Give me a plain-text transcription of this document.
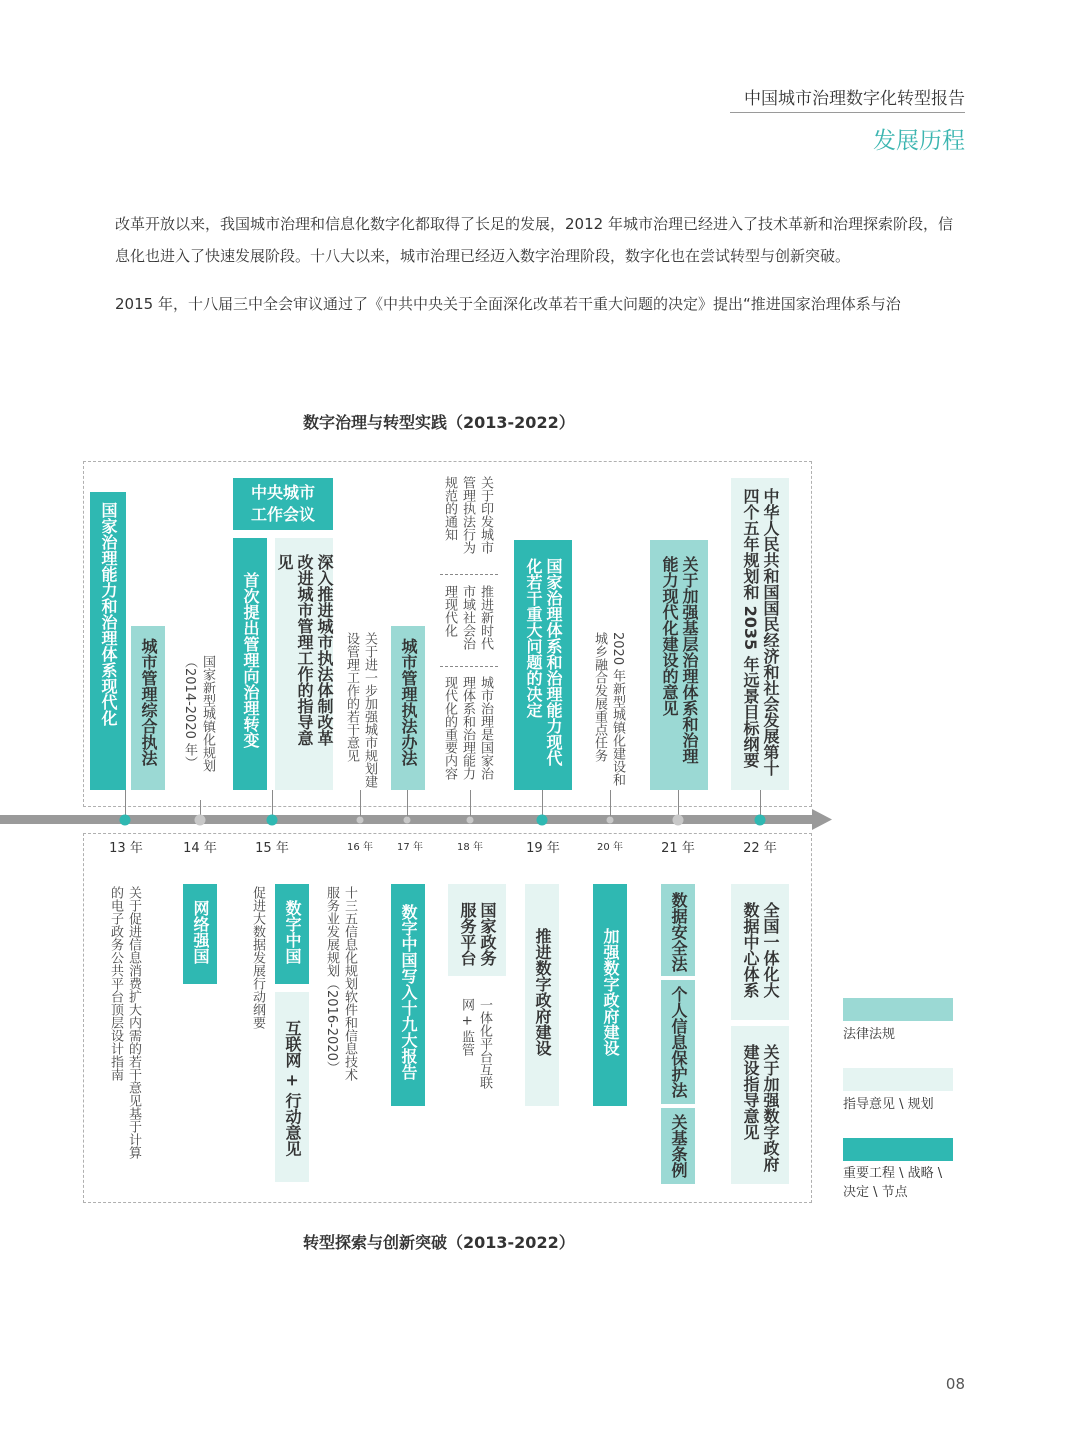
中国城市治理数字化转型报告
发展历程
改革开放以来，我国城市治理和信息化数字化都取得了长足的发展，2012 年城市治理已经进入了技术革新和治理探索阶段，信息化也进入了快速发展阶段。十八大以来，城市治理已经迈入数字治理阶段，数字化也在尝试转型与创新突破。
2015 年，十八届三中全会审议通过了《中共中央关于全面深化改革若干重大问题的决定》提出“推进国家治理体系与治
数字治理与转型实践（2013-2022）
转型探索与创新突破（2013-2022）
13 年	14 年	15 年	16 年 17 年	18 年	19 年	20 年	21 年	22 年
国家治理能力和治理体系现代化 城市管理综合执法	国家新型城镇化规划（2014-2020 年）
中央城市工作会议
首次提出管理向治理转变	深入推进城市执法体制改革改进城市管理工作的指导意见
关于进一步加强城市规划建设管理工作的若干意见	城市管理执法办法
关于印发城市管理执法行为规范的通知
推进新时代市域社会治理现代化
城市治理是国家治理体系和治理能力现代化的重要内容	国家治理体系和治理能力现代化若干重大问题的决定	2020 年新型城镇化建设和城乡融合发展重点任务	关于加强基层治理体系和治理能力现代化建设的意见	中华人民共和国国民经济和社会发展第十四个五年规划和 2035 年远景目标纲要
关于促进信息消费扩大内需的若干意见基于计算的电子政务公共平台顶层设计指南	网络强国	促进大数据发展行动纲要 数字中国
互联网 + 行动意见
十三五信息化规划软件和信息技术服务业发展规划（2016-2020）	数字中国写入十九大报告	国家政务服务平台
一体化平台互联网 + 监管	推进数字政府建设	加强数字政府建设	数据安全法
个人信息保护法
关基条例
全国一体化大数据中心体系
关于加强数字政府建设指导意见
法律法规
指导意见 \ 规划
重要工程 \ 战略 \ 决定 \ 节点
08
